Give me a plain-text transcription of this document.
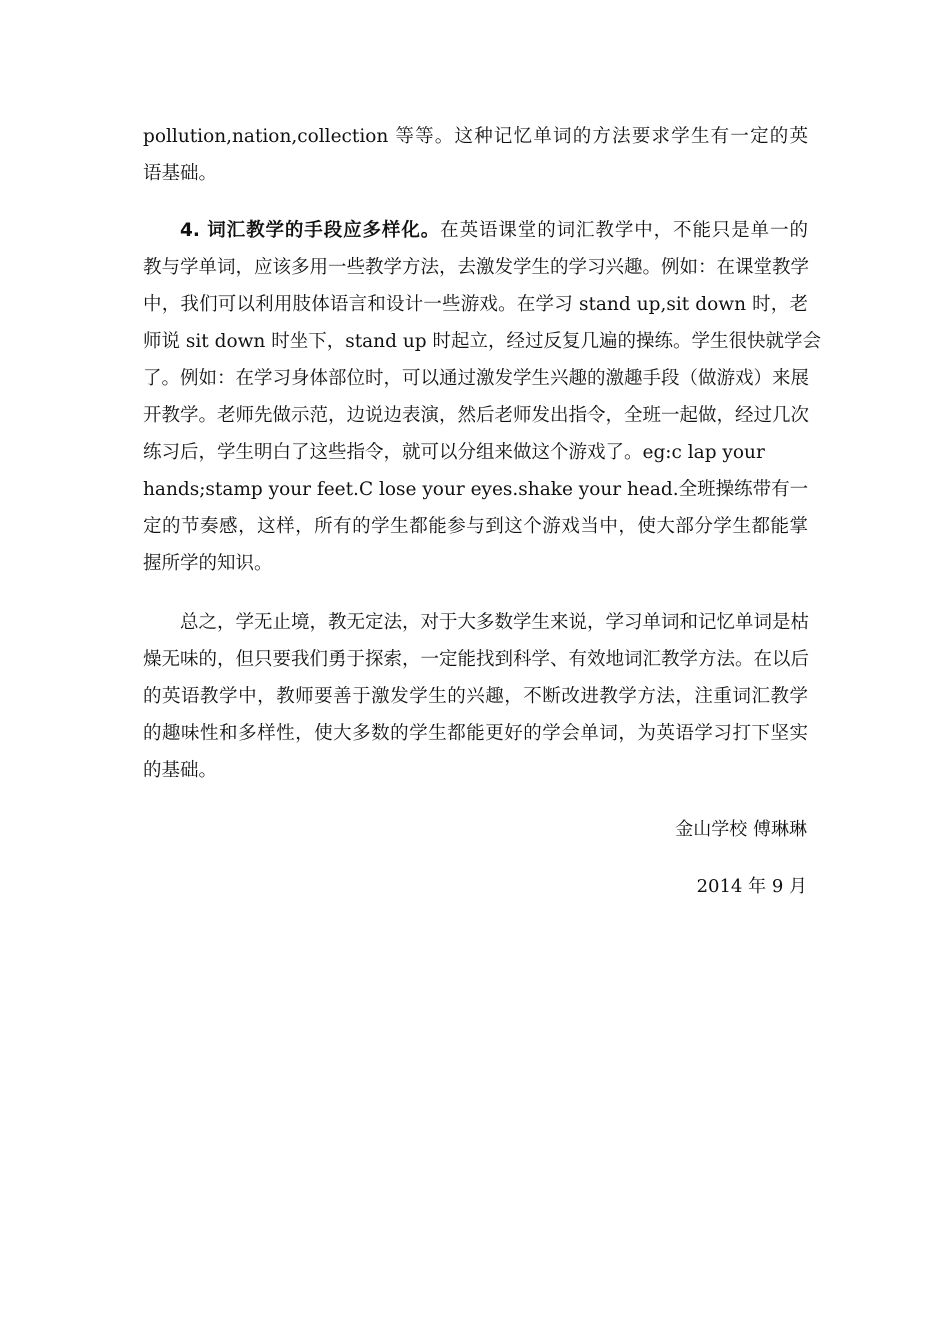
pollution,nation,collection 等等。这种记忆单词的方法要求学生有一定的英
语基础。
4. 词汇教学的手段应多样化。在英语课堂的词汇教学中，不能只是单一的
教与学单词，应该多用一些教学方法，去激发学生的学习兴趣。例如：在课堂教学
中，我们可以利用肢体语言和设计一些游戏。在学习 stand up,sit down 时，老
师说 sit down 时坐下，stand up 时起立，经过反复几遍的操练。学生很快就学会
了。例如：在学习身体部位时，可以通过激发学生兴趣的激趣手段（做游戏）来展
开教学。老师先做示范，边说边表演，然后老师发出指令，全班一起做，经过几次
练习后，学生明白了这些指令，就可以分组来做这个游戏了。eg:c lap your
hands;stamp your feet.C lose your eyes.shake your head.全班操练带有一
定的节奏感，这样，所有的学生都能参与到这个游戏当中，使大部分学生都能掌
握所学的知识。
总之，学无止境，教无定法，对于大多数学生来说，学习单词和记忆单词是枯
燥无味的，但只要我们勇于探索，一定能找到科学、有效地词汇教学方法。在以后
的英语教学中，教师要善于激发学生的兴趣，不断改进教学方法，注重词汇教学
的趣味性和多样性，使大多数的学生都能更好的学会单词，为英语学习打下坚实
的基础。
金山学校 傅琳琳
2014 年 9 月
